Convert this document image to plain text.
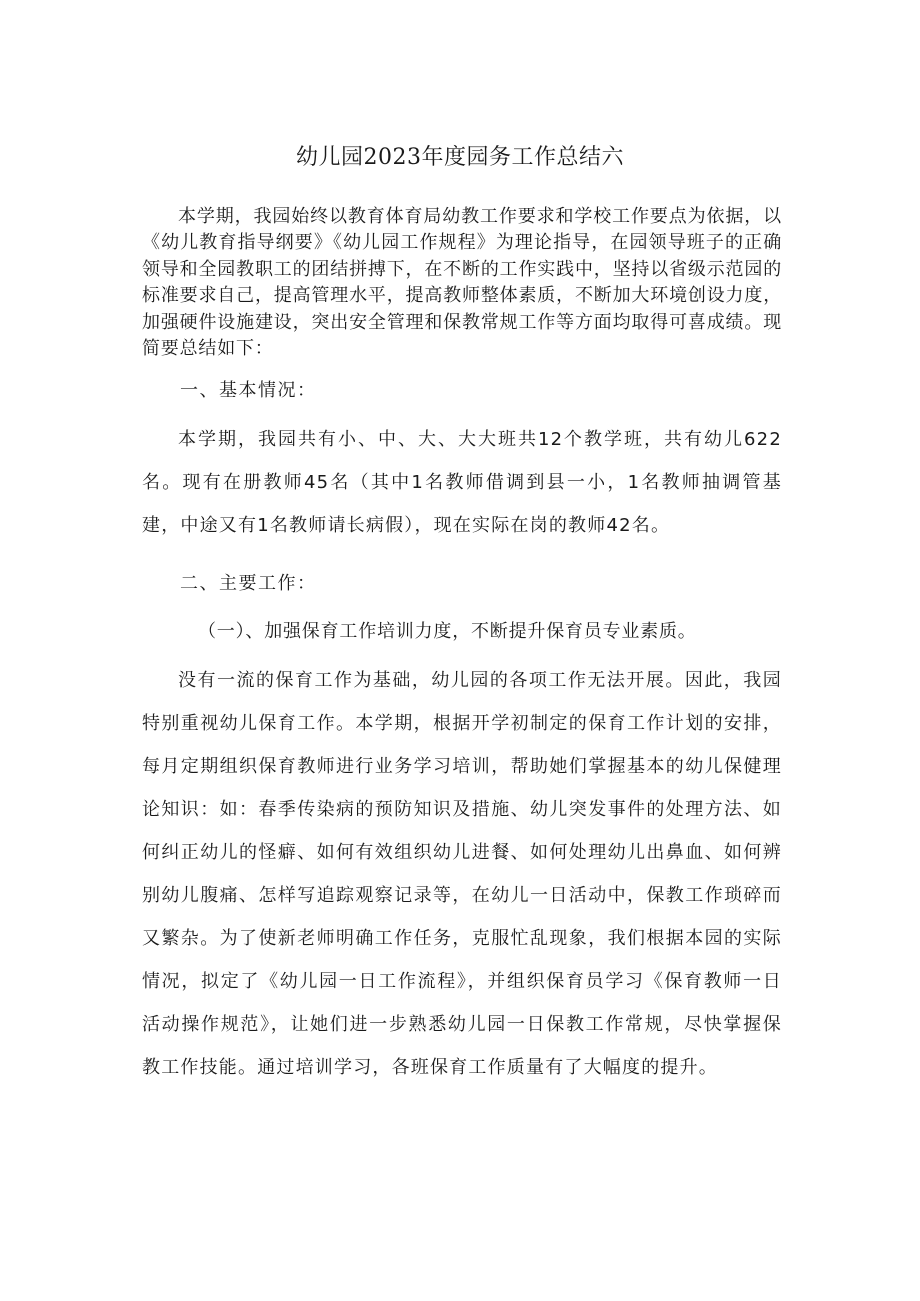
幼儿园2023年度园务工作总结六

本学期，我园始终以教育体育局幼教工作要求和学校工作要点为依据，以《幼儿教育指导纲要》《幼儿园工作规程》为理论指导，在园领导班子的正确领导和全园教职工的团结拼搏下，在不断的工作实践中，坚持以省级示范园的标准要求自己，提高管理水平，提高教师整体素质，不断加大环境创设力度，加强硬件设施建设，突出安全管理和保教常规工作等方面均取得可喜成绩。现简要总结如下：

一、基本情况：

本学期，我园共有小、中、大、大大班共12个教学班，共有幼儿622名。现有在册教师45名（其中1名教师借调到县一小，1名教师抽调管基建，中途又有1名教师请长病假），现在实际在岗的教师42名。

二、主要工作：

（一）、加强保育工作培训力度，不断提升保育员专业素质。

没有一流的保育工作为基础，幼儿园的各项工作无法开展。因此，我园特别重视幼儿保育工作。本学期，根据开学初制定的保育工作计划的安排，每月定期组织保育教师进行业务学习培训，帮助她们掌握基本的幼儿保健理论知识：如：春季传染病的预防知识及措施、幼儿突发事件的处理方法、如何纠正幼儿的怪癖、如何有效组织幼儿进餐、如何处理幼儿出鼻血、如何辨别幼儿腹痛、怎样写追踪观察记录等，在幼儿一日活动中，保教工作琐碎而又繁杂。为了使新老师明确工作任务，克服忙乱现象，我们根据本园的实际情况，拟定了《幼儿园一日工作流程》，并组织保育员学习《保育教师一日活动操作规范》，让她们进一步熟悉幼儿园一日保教工作常规，尽快掌握保教工作技能。通过培训学习，各班保育工作质量有了大幅度的提升。
